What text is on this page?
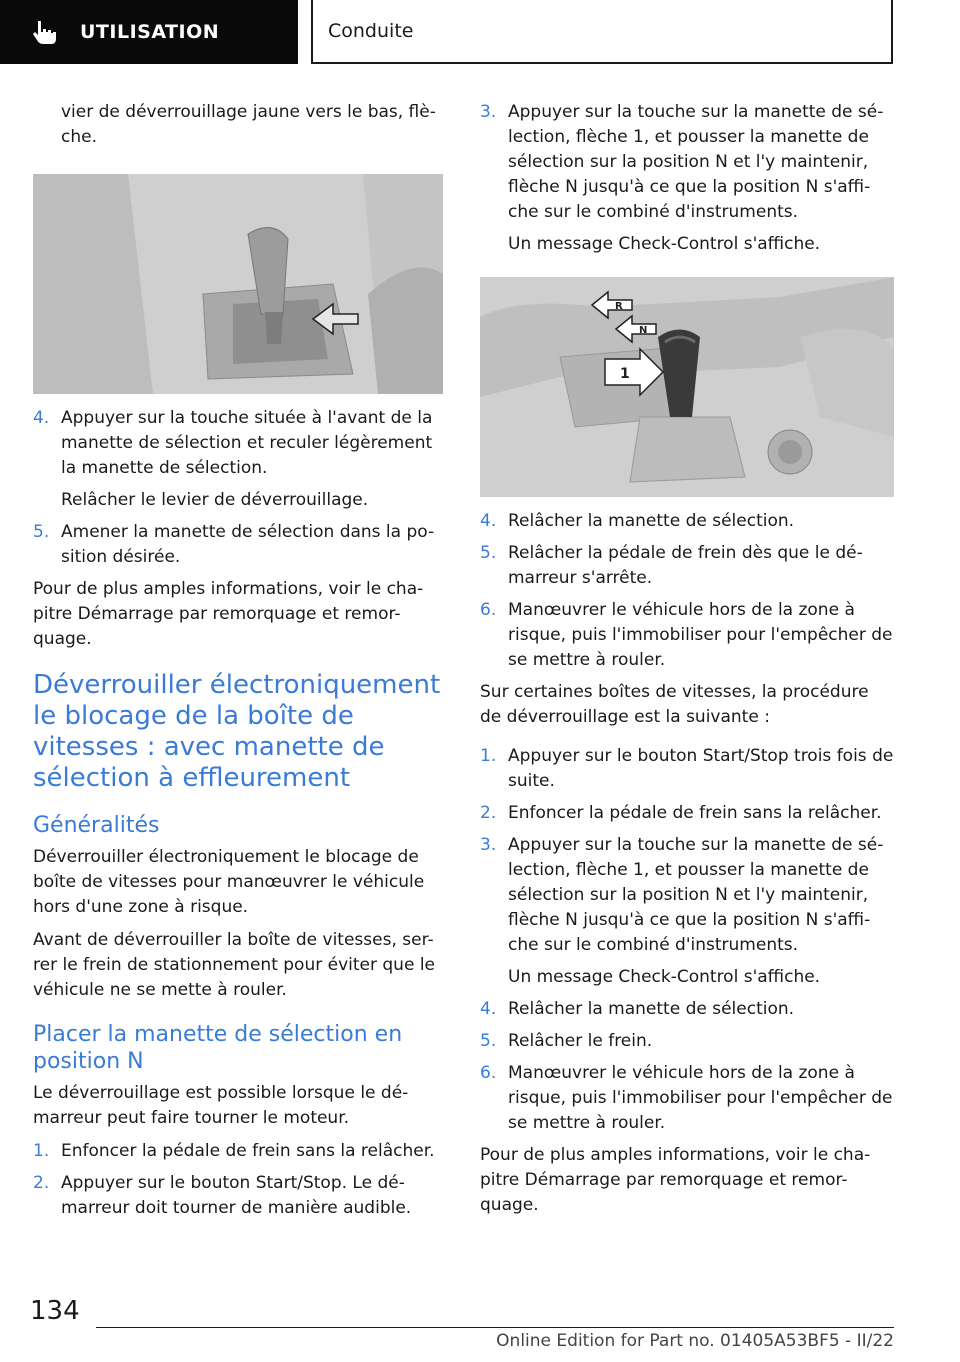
UTILISATION	Conduite

vier de déverrouillage jaune vers le bas, flè-che.

4. Appuyer sur la touche située à l'avant de la manette de sélection et reculer légèrement la manette de sélection.
Relâcher le levier de déverrouillage.
5. Amener la manette de sélection dans la po-sition désirée.

Pour de plus amples informations, voir le cha-pitre Démarrage par remorquage et remor-quage.

Déverrouiller électroniquement le blocage de la boîte de vitesses : avec manette de sélection à effleurement
Généralités

Déverrouiller électroniquement le blocage de boîte de vitesses pour manœuvrer le véhicule hors d'une zone à risque.

Avant de déverrouiller la boîte de vitesses, ser-rer le frein de stationnement pour éviter que le véhicule ne se mette à rouler.

Placer la manette de sélection en position N

Le déverrouillage est possible lorsque le dé-marreur peut faire tourner le moteur.

1. Enfoncer la pédale de frein sans la relâcher.
2. Appuyer sur le bouton Start/Stop. Le dé-marreur doit tourner de manière audible.
3. Appuyer sur la touche sur la manette de sé-lection, flèche 1, et pousser la manette de sélection sur la position N et l'y maintenir, flèche N jusqu'à ce que la position N s'affi-che sur le combiné d'instruments.
Un message Check-Control s'affiche.
R
N
1
4. Relâcher la manette de sélection.
5. Relâcher la pédale de frein dès que le dé-marreur s'arrête.
6. Manœuvrer le véhicule hors de la zone à risque, puis l'immobiliser pour l'empêcher de se mettre à rouler.

Sur certaines boîtes de vitesses, la procédure de déverrouillage est la suivante :

1. Appuyer sur le bouton Start/Stop trois fois de suite.
2. Enfoncer la pédale de frein sans la relâcher.
3. Appuyer sur la touche sur la manette de sé-lection, flèche 1, et pousser la manette de sélection sur la position N et l'y maintenir, flèche N jusqu'à ce que la position N s'affi-che sur le combiné d'instruments.
Un message Check-Control s'affiche.
4. Relâcher la manette de sélection.
5. Relâcher le frein.
6. Manœuvrer le véhicule hors de la zone à risque, puis l'immobiliser pour l'empêcher de se mettre à rouler.

Pour de plus amples informations, voir le cha-pitre Démarrage par remorquage et remor-quage.

134
Online Edition for Part no. 01405A53BF5 - II/22
